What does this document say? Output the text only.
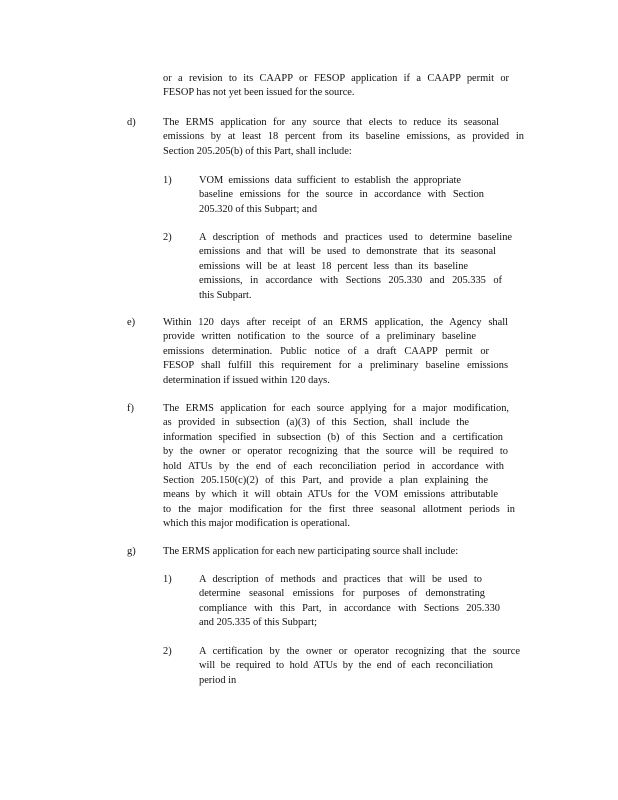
or a revision to its CAAPP or FESOP application if a CAAPP permit or
FESOP has not yet been issued for the source.
d)	The ERMS application for any source that elects to reduce its seasonal
emissions by at least 18 percent from its baseline emissions, as provided in
Section 205.205(b) of this Part, shall include:
1)	VOM emissions data sufficient to establish the appropriate
baseline emissions for the source in accordance with Section
205.320 of this Subpart; and
2)	A description of methods and practices used to determine baseline
emissions and that will be used to demonstrate that its seasonal
emissions will be at least 18 percent less than its baseline
emissions, in accordance with Sections 205.330 and 205.335 of
this Subpart.
e)	Within 120 days after receipt of an ERMS application, the Agency shall
provide written notification to the source of a preliminary baseline
emissions determination. Public notice of a draft CAAPP permit or
FESOP shall fulfill this requirement for a preliminary baseline emissions
determination if issued within 120 days.
f)	The ERMS application for each source applying for a major modification,
as provided in subsection (a)(3) of this Section, shall include the
information specified in subsection (b) of this Section and a certification
by the owner or operator recognizing that the source will be required to
hold ATUs by the end of each reconciliation period in accordance with
Section 205.150(c)(2) of this Part, and provide a plan explaining the
means by which it will obtain ATUs for the VOM emissions attributable
to the major modification for the first three seasonal allotment periods in
which this major modification is operational.
g)	The ERMS application for each new participating source shall include:
1)	A description of methods and practices that will be used to
determine seasonal emissions for purposes of demonstrating
compliance with this Part, in accordance with Sections 205.330
and 205.335 of this Subpart;
2)	A certification by the owner or operator recognizing that the source
will be required to hold ATUs by the end of each reconciliation
period in
